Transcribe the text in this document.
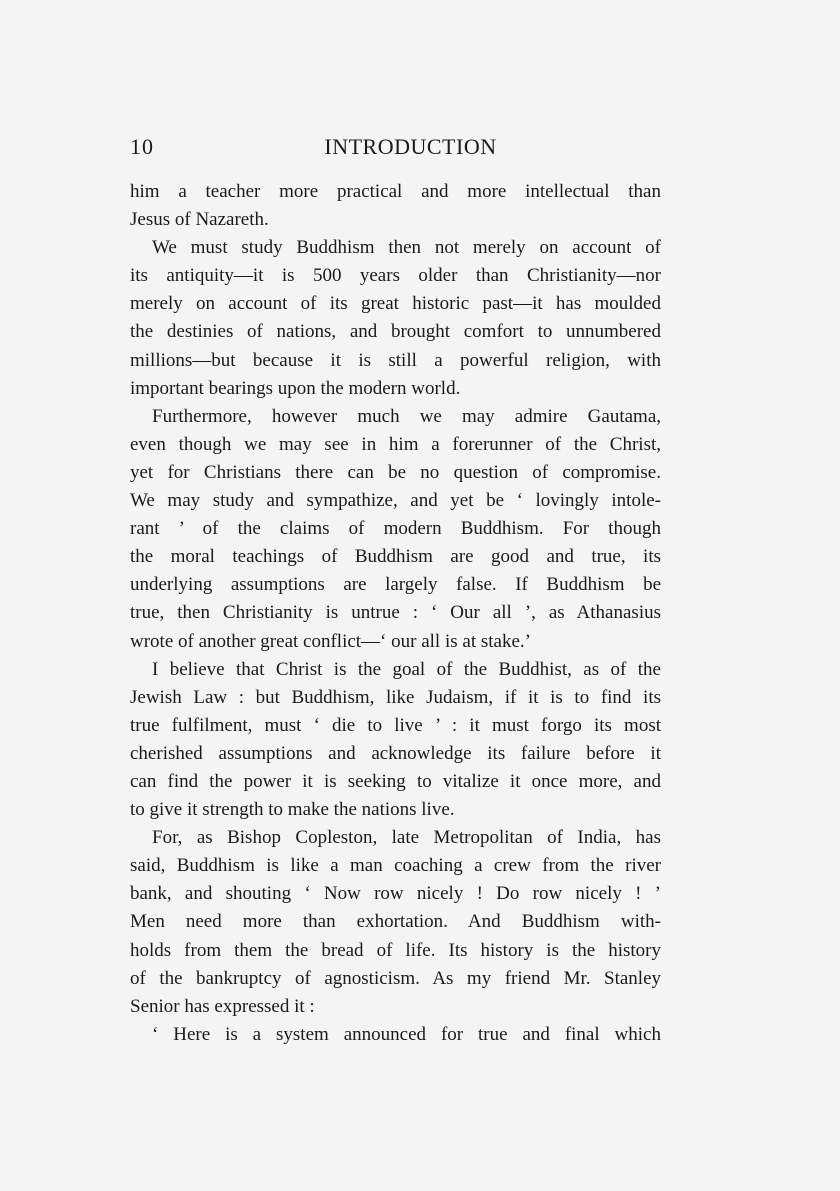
10	INTRODUCTION
him a teacher more practical and more intellectual than
Jesus of Nazareth.
We must study Buddhism then not merely on account of
its antiquity—it is 500 years older than Christianity—nor
merely on account of its great historic past—it has moulded
the destinies of nations, and brought comfort to unnumbered
millions—but because it is still a powerful religion, with
important bearings upon the modern world.
Furthermore, however much we may admire Gautama,
even though we may see in him a forerunner of the Christ,
yet for Christians there can be no question of compromise.
We may study and sympathize, and yet be ‘ lovingly intole-
rant ’ of the claims of modern Buddhism. For though
the moral teachings of Buddhism are good and true, its
underlying assumptions are largely false. If Buddhism be
true, then Christianity is untrue : ‘ Our all ’, as Athanasius
wrote of another great conflict—‘ our all is at stake.’
I believe that Christ is the goal of the Buddhist, as of the
Jewish Law : but Buddhism, like Judaism, if it is to find its
true fulfilment, must ‘ die to live ’ : it must forgo its most
cherished assumptions and acknowledge its failure before it
can find the power it is seeking to vitalize it once more, and
to give it strength to make the nations live.
For, as Bishop Copleston, late Metropolitan of India, has
said, Buddhism is like a man coaching a crew from the river
bank, and shouting ‘ Now row nicely ! Do row nicely ! ’
Men need more than exhortation. And Buddhism with-
holds from them the bread of life. Its history is the history
of the bankruptcy of agnosticism. As my friend Mr. Stanley
Senior has expressed it :
‘ Here is a system announced for true and final which
